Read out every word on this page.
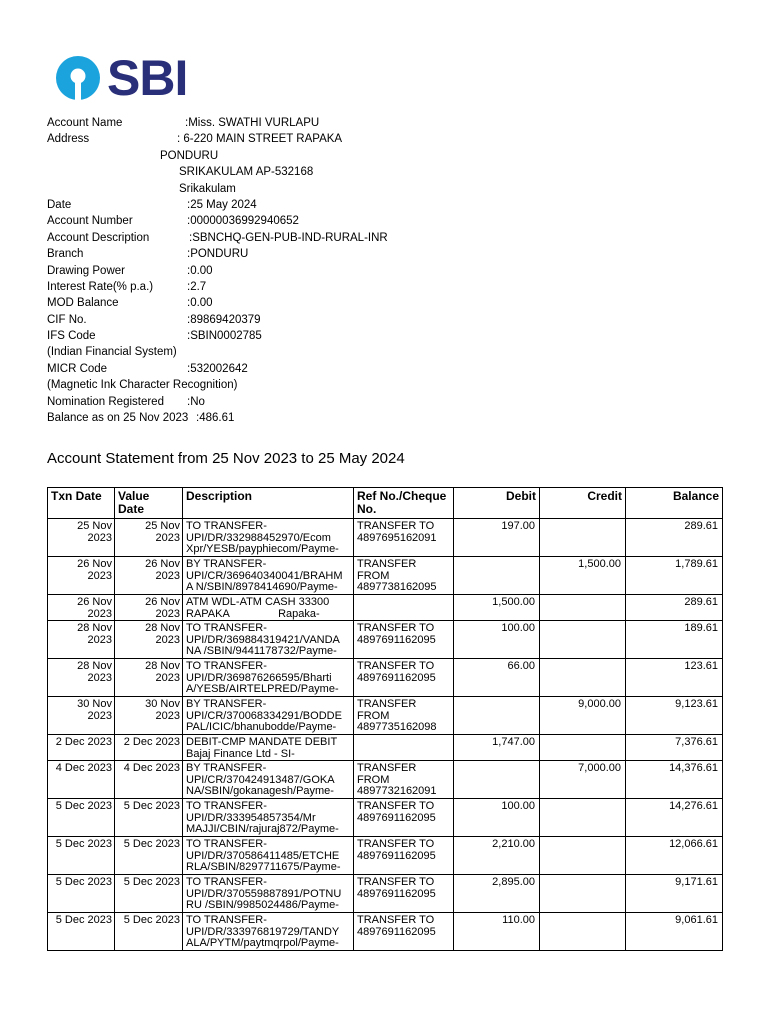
SBI
Account Name	:Miss. SWATHI VURLAPU
Address	: 6-220 MAIN STREET RAPAKA
PONDURU
SRIKAKULAM AP-532168
Srikakulam
Date	:25 May 2024
Account Number	:00000036992940652
Account Description	:SBNCHQ-GEN-PUB-IND-RURAL-INR
Branch	:PONDURU
Drawing Power	:0.00
Interest Rate(% p.a.)	:2.7
MOD Balance	:0.00
CIF No.	:89869420379
IFS Code	:SBIN0002785
(Indian Financial System)
MICR Code	:532002642
(Magnetic Ink Character Recognition)
Nomination Registered :No
Balance as on 25 Nov 2023 :486.61
Account Statement from 25 Nov 2023 to 25 May 2024
Txn Date	Value
Date	Description	Ref No./Cheque
No.	Debit	Credit	Balance

25 Nov
2023	25 Nov
2023	TO TRANSFER-
UPI/DR/332988452970/Ecom
Xpr/YESB/payphiecom/Payme-	TRANSFER TO
4897695162091	197.00		289.61

26 Nov
2023	26 Nov
2023	BY TRANSFER-
UPI/CR/369640340041/BRAHM
A N/SBIN/8978414690/Payme-	TRANSFER
FROM
4897738162095		1,500.00	1,789.61

26 Nov
2023	26 Nov
2023	ATM WDL-ATM CASH 33300
RAPAKA                Rapaka-		1,500.00		289.61

28 Nov
2023	28 Nov
2023	TO TRANSFER-
UPI/DR/369884319421/VANDA
NA /SBIN/9441178732/Payme-	TRANSFER TO
4897691162095	100.00		189.61

28 Nov
2023	28 Nov
2023	TO TRANSFER-
UPI/DR/369876266595/Bharti
A/YESB/AIRTELPRED/Payme-	TRANSFER TO
4897691162095	66.00		123.61

30 Nov
2023	30 Nov
2023	BY TRANSFER-
UPI/CR/370068334291/BODDE
PAL/ICIC/bhanubodde/Payme-	TRANSFER
FROM
4897735162098		9,000.00	9,123.61

2 Dec 2023	2 Dec 2023	DEBIT-CMP MANDATE DEBIT
Bajaj Finance Ltd - SI-		1,747.00		7,376.61

4 Dec 2023	4 Dec 2023	BY TRANSFER-
UPI/CR/370424913487/GOKA
NA/SBIN/gokanagesh/Payme-	TRANSFER
FROM
4897732162091		7,000.00	14,376.61

5 Dec 2023	5 Dec 2023	TO TRANSFER-
UPI/DR/333954857354/Mr
MAJJI/CBIN/rajuraj872/Payme-	TRANSFER TO
4897691162095	100.00		14,276.61

5 Dec 2023	5 Dec 2023	TO TRANSFER-
UPI/DR/370586411485/ETCHE
RLA/SBIN/8297711675/Payme-	TRANSFER TO
4897691162095	2,210.00		12,066.61

5 Dec 2023	5 Dec 2023	TO TRANSFER-
UPI/DR/370559887891/POTNU
RU /SBIN/9985024486/Payme-	TRANSFER TO
4897691162095	2,895.00		9,171.61

5 Dec 2023	5 Dec 2023	TO TRANSFER-
UPI/DR/333976819729/TANDY
ALA/PYTM/paytmqrpol/Payme-	TRANSFER TO
4897691162095	110.00		9,061.61
